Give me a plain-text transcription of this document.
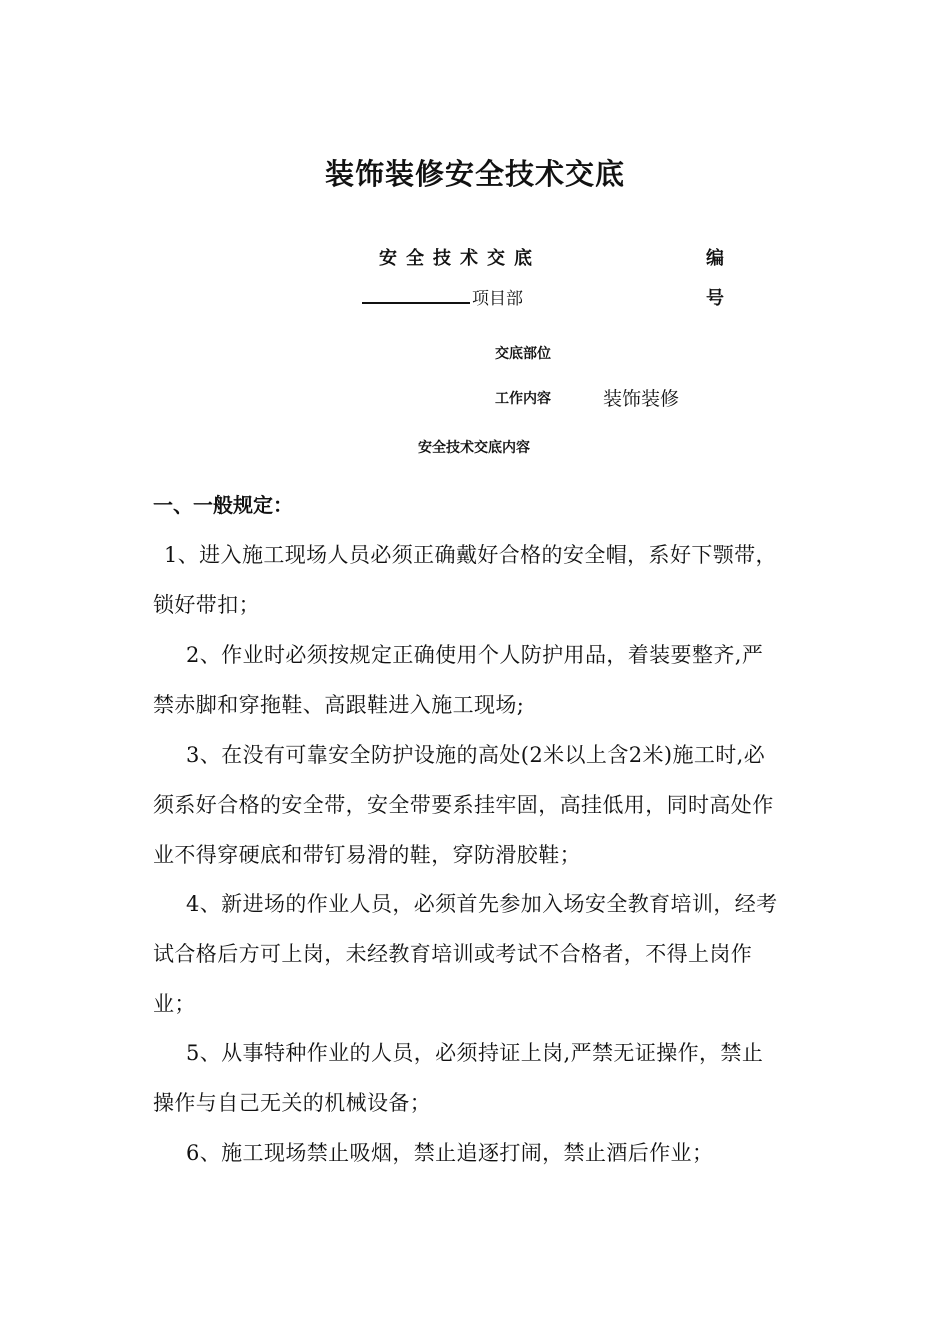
装饰装修安全技术交底
安全技术交底	编
号
项目部
交底部位
工作内容	装饰装修
安全技术交底内容
一、一般规定：
1、进入施工现场人员必须正确戴好合格的安全帽，系好下颚带，
锁好带扣；
2、作业时必须按规定正确使用个人防护用品，着装要整齐,严
禁赤脚和穿拖鞋、高跟鞋进入施工现场;
3、在没有可靠安全防护设施的高处(2米以上含2米)施工时,必
须系好合格的安全带，安全带要系挂牢固，高挂低用，同时高处作
业不得穿硬底和带钉易滑的鞋，穿防滑胶鞋；
4、新进场的作业人员，必须首先参加入场安全教育培训，经考
试合格后方可上岗，未经教育培训或考试不合格者，不得上岗作
业；
5、从事特种作业的人员，必须持证上岗,严禁无证操作，禁止
操作与自己无关的机械设备；
6、施工现场禁止吸烟，禁止追逐打闹，禁止酒后作业；
